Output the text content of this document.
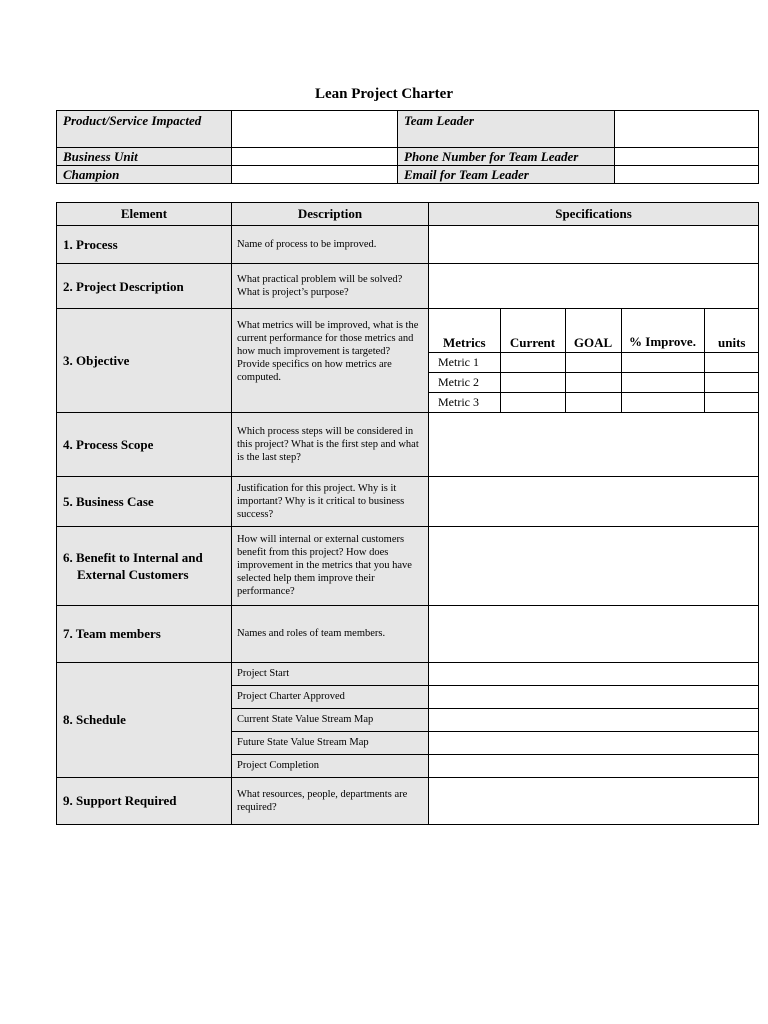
Lean Project Charter
Product/Service Impacted		Team Leader	
Business Unit		Phone Number for Team Leader	
Champion		Email for Team Leader	
Element	Description	Specifications
1. Process	Name of process to be improved.	
2. Project Description	What practical problem will be solved? What is project’s purpose?	
3. Objective	What metrics will be improved, what is the current performance for those metrics and how much improvement is targeted? Provide specifics on how metrics are computed.	
Metrics	Current	GOAL	% Improve.	units
Metric 1				
Metric 2				
Metric 3				

4. Process Scope	Which process steps will be considered in this project? What is the first step and what is the last step?	
5. Business Case	Justification for this project. Why is it important? Why is it critical to business success?	
6. Benefit to Internal and External Customers	How will internal or external customers benefit from this project? How does improvement in the metrics that you have selected help them improve their performance?	
7. Team members	Names and roles of team members.	
8. Schedule	Project Start	
Project Charter Approved	
Current State Value Stream Map	
Future State Value Stream Map	
Project Completion	
9. Support Required	What resources, people, departments are required?	
